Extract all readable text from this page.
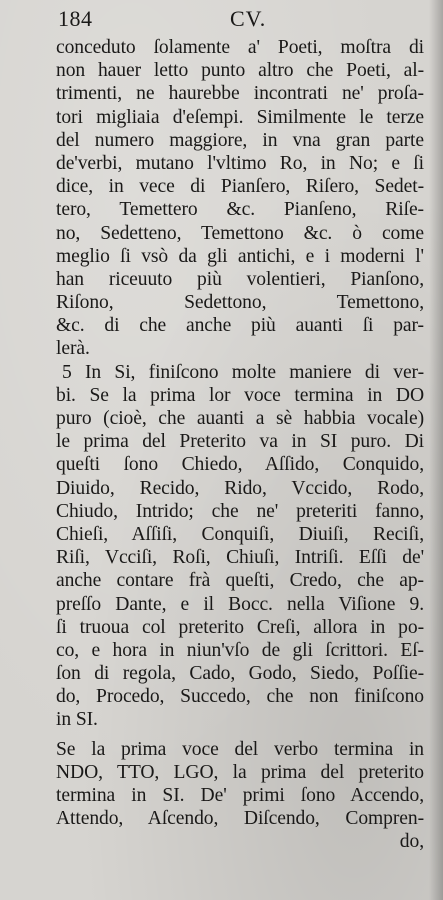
184	CV.
conceduto ſolamente a' Poeti, moſtra di
non hauer letto punto altro che Poeti, al-
trimenti, ne haurebbe incontrati ne' proſa-
tori migliaia d'eſempi. Similmente le terze
del numero maggiore, in vna gran parte
de'verbi, mutano l'vltimo Ro, in No; e ſi
dice, in vece di Pianſero, Riſero, Sedet-
tero, Temettero &c. Pianſeno, Riſe-
no, Sedetteno, Temettono &c. ò come
meglio ſi vsò da gli antichi, e i moderni l'
han riceuuto più volentieri, Pianſono,
Riſono, Sedettono, Temettono,
&c. di che anche più auanti ſi par-
lerà.
5 In Si, finiſcono molte maniere di ver-
bi. Se la prima lor voce termina in DO
puro (cioè, che auanti a sè habbia vocale)
le prima del Preterito va in SI puro. Di
queſti ſono Chiedo, Aſſido, Conquido,
Diuido, Recido, Rido, Vccido, Rodo,
Chiudo, Intrido; che ne' preteriti fanno,
Chieſi, Aſſiſi, Conquiſi, Diuiſi, Reciſi,
Riſi, Vcciſi, Roſi, Chiuſi, Intriſi. Eſſi de'
anche contare frà queſti, Credo, che ap-
preſſo Dante, e il Bocc. nella Viſione 9.
ſi truoua col preterito Creſi, allora in po-
co, e hora in niun'vſo de gli ſcrittori. Eſ-
ſon di regola, Cado, Godo, Siedo, Poſſie-
do, Procedo, Succedo, che non finiſcono
in SI.
Se la prima voce del verbo termina in
NDO, TTO, LGO, la prima del preterito
termina in SI. De' primi ſono Accendo,
Attendo, Aſcendo, Diſcendo, Compren-
do,
